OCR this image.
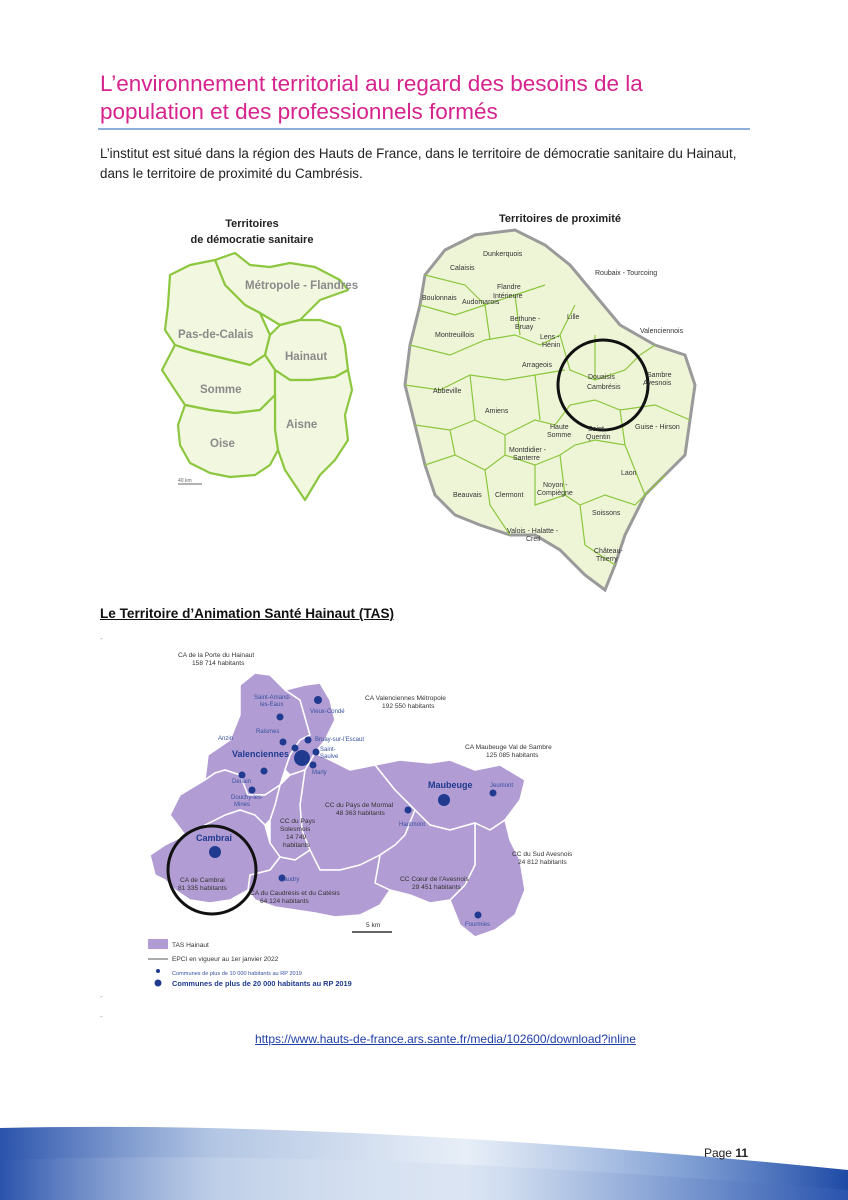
L’environnement territorial au regard des besoins de la population et des professionnels formés
L’institut est situé dans la région des Hauts de France, dans le territoire de démocratie sanitaire du Hainaut, dans le territoire de proximité du Cambrésis.
Territoires
de démocratie sanitaire
Métropole - Flandres
Pas-de-Calais
Hainaut
Somme
Aisne
Oise
40 km
Territoires de proximité
Dunkerquois
Calaisis
Flandre
Intérieure
Roubaix - Tourcoing
Boulonnais
Audomarois
Bethune -
Bruay
Lille
Montreuillois	Lens -
Hénin
Valenciennois
Douaisis
Arrageois
Sambre
Avesnois
Abbeville
Cambrésis
Amiens
Haute
Somme
Saint-
Quentin
Guise - Hirson
Montdidier -
Santerre
Laon
Beauvais Clermont
Noyon -
Compiègne
Soissons
Valois - Halatte -
Creil
Château-
Thierry
Le Territoire d’Animation Santé Hainaut (TAS)
-
CA de la Porte du Hainaut
158 714 habitants
CA Valenciennes Métropole
192 550 habitants
CA Maubeuge Val de Sambre
125 085 habitants
CC du Pays de Mormal
48 363 habitants
CC du Pays
Solesmois
14 749
habitants
CC du Sud Avesnois
24 812 habitants
CA de Cambrai
81 335 habitants
CC Cœur de l’Avesnois
29 451 habitants
CA du Caudrésis et du Catésis
64 124 habitants
5 km
Saint-Amand-
les-Eaux
Vieux-Condé
Raismes
Anzin	Bruay-sur-l’Escaut
Saint-
Saulve
Marly
Denain
Jeumont
Douchy-les-
Mines
Hautmont
Caudry
Fourmies
Valenciennes
Maubeuge
Cambrai
TAS Hainaut
EPCI en vigueur au 1er janvier 2022
Communes de plus de 10 000 habitants au RP 2019
Communes de plus de 20 000 habitants au RP 2019
-
-
https://www.hauts-de-france.ars.sante.fr/media/102600/download?inline
Page 11
